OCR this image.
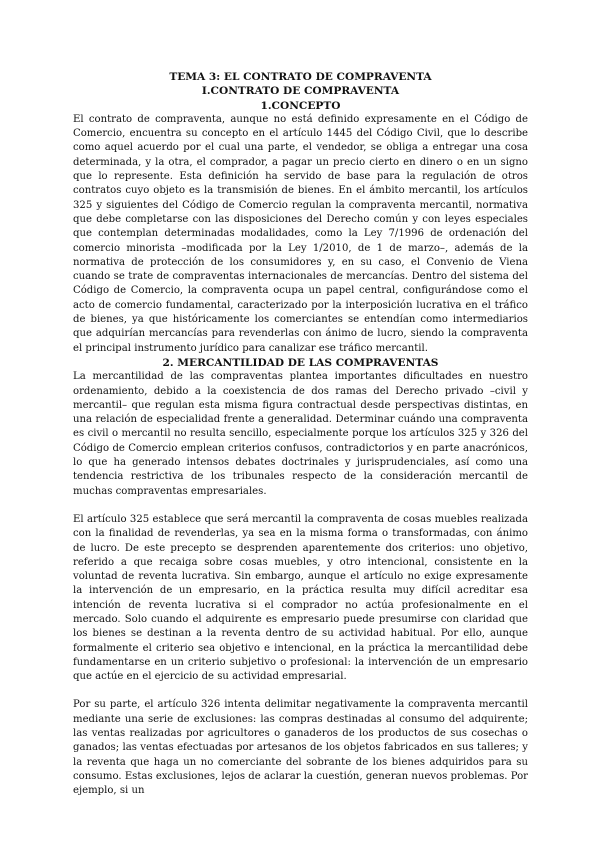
TEMA 3: EL CONTRATO DE COMPRAVENTA

I.CONTRATO DE COMPRAVENTA

1.CONCEPTO

El contrato de compraventa, aunque no está definido expresamente en el Código de Comercio, encuentra su concepto en el artículo 1445 del Código Civil, que lo describe como aquel acuerdo por el cual una parte, el vendedor, se obliga a entregar una cosa determinada, y la otra, el comprador, a pagar un precio cierto en dinero o en un signo que lo represente. Esta definición ha servido de base para la regulación de otros contratos cuyo objeto es la transmisión de bienes. En el ámbito mercantil, los artículos 325 y siguientes del Código de Comercio regulan la compraventa mercantil, normativa que debe completarse con las disposiciones del Derecho común y con leyes especiales que contemplan determinadas modalidades, como la Ley 7/1996 de ordenación del comercio minorista –modificada por la Ley 1/2010, de 1 de marzo–, además de la normativa de protección de los consumidores y, en su caso, el Convenio de Viena cuando se trate de compraventas internacionales de mercancías. Dentro del sistema del Código de Comercio, la compraventa ocupa un papel central, configurándose como el acto de comercio fundamental, caracterizado por la interposición lucrativa en el tráfico de bienes, ya que históricamente los comerciantes se entendían como intermediarios que adquirían mercancías para revenderlas con ánimo de lucro, siendo la compraventa el principal instrumento jurídico para canalizar ese tráfico mercantil.

2. MERCANTILIDAD DE LAS COMPRAVENTAS

La mercantilidad de las compraventas plantea importantes dificultades en nuestro ordenamiento, debido a la coexistencia de dos ramas del Derecho privado –civil y mercantil– que regulan esta misma figura contractual desde perspectivas distintas, en una relación de especialidad frente a generalidad. Determinar cuándo una compraventa es civil o mercantil no resulta sencillo, especialmente porque los artículos 325 y 326 del Código de Comercio emplean criterios confusos, contradictorios y en parte anacrónicos, lo que ha generado intensos debates doctrinales y jurisprudenciales, así como una tendencia restrictiva de los tribunales respecto de la consideración mercantil de muchas compraventas empresariales.

El artículo 325 establece que será mercantil la compraventa de cosas muebles realizada con la finalidad de revenderlas, ya sea en la misma forma o transformadas, con ánimo de lucro. De este precepto se desprenden aparentemente dos criterios: uno objetivo, referido a que recaiga sobre cosas muebles, y otro intencional, consistente en la voluntad de reventa lucrativa. Sin embargo, aunque el artículo no exige expresamente la intervención de un empresario, en la práctica resulta muy difícil acreditar esa intención de reventa lucrativa si el comprador no actúa profesionalmente en el mercado. Solo cuando el adquirente es empresario puede presumirse con claridad que los bienes se destinan a la reventa dentro de su actividad habitual. Por ello, aunque formalmente el criterio sea objetivo e intencional, en la práctica la mercantilidad debe fundamentarse en un criterio subjetivo o profesional: la intervención de un empresario que actúe en el ejercicio de su actividad empresarial.

Por su parte, el artículo 326 intenta delimitar negativamente la compraventa mercantil mediante una serie de exclusiones: las compras destinadas al consumo del adquirente; las ventas realizadas por agricultores o ganaderos de los productos de sus cosechas o ganados; las ventas efectuadas por artesanos de los objetos fabricados en sus talleres; y la reventa que haga un no comerciante del sobrante de los bienes adquiridos para su consumo. Estas exclusiones, lejos de aclarar la cuestión, generan nuevos problemas. Por ejemplo, si un
